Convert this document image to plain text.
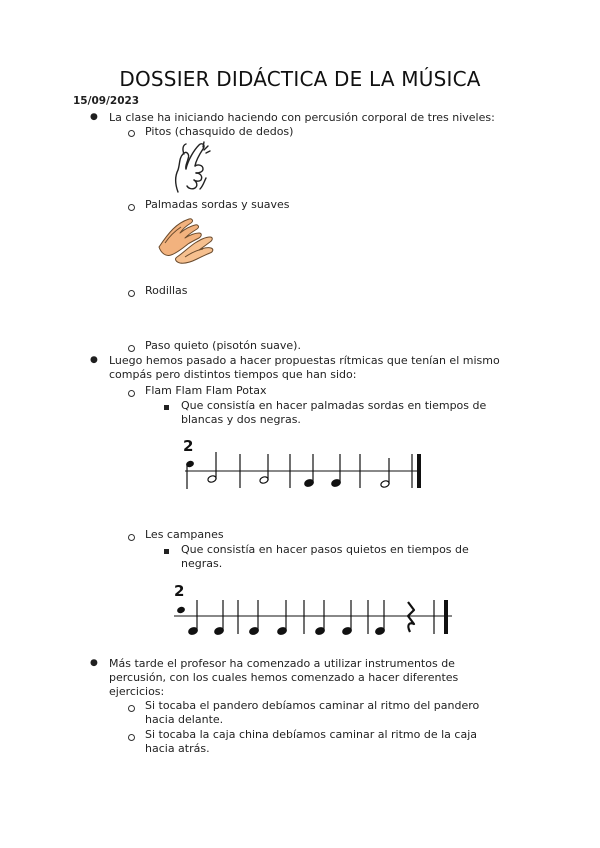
DOSSIER DIDÁCTICA DE LA MÚSICA
15/09/2023
● La clase ha iniciando haciendo con percusión corporal de tres niveles:
Pitos (chasquido de dedos)
Palmadas sordas y suaves
Rodillas
Paso quieto (pisotón suave).
● Luego hemos pasado a hacer propuestas rítmicas que tenían el mismo
compás pero distintos tiempos que han sido:
Flam Flam Flam Potax
Que consistía en hacer palmadas sordas en tiempos de
blancas y dos negras.
2
Les campanes
Que consistía en hacer pasos quietos en tiempos de
negras.
2
● Más tarde el profesor ha comenzado a utilizar instrumentos de
percusión, con los cuales hemos comenzado a hacer diferentes
ejercicios:
Si tocaba el pandero debíamos caminar al ritmo del pandero
hacia delante.
Si tocaba la caja china debíamos caminar al ritmo de la caja
hacia atrás.
